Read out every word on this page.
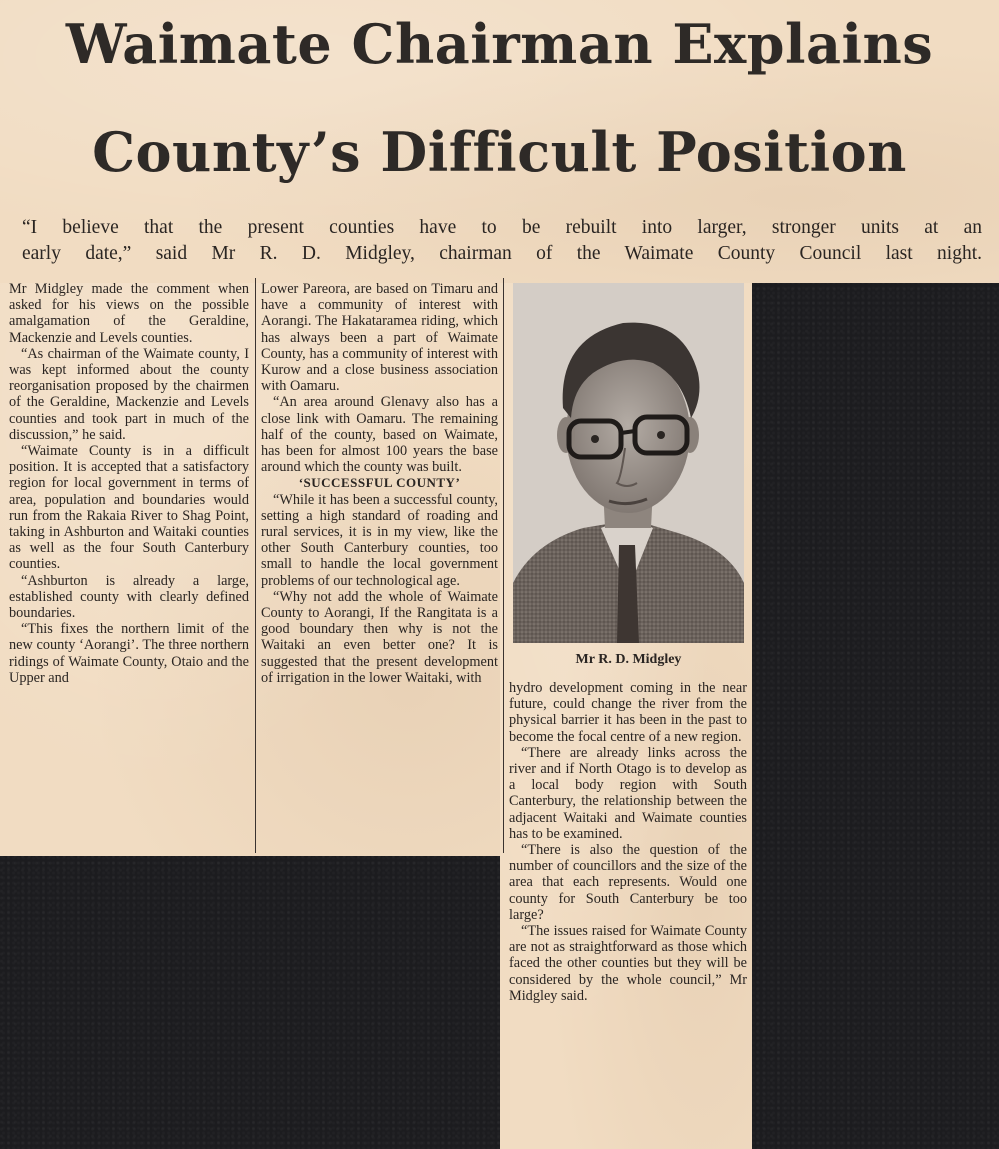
Waimate Chairman Explains
County’s Difficult Position
“I believe that the present counties have to be rebuilt into larger, stronger units at an
early date,” said Mr R. D. Midgley, chairman of the Waimate County Council last night.

Mr Midgley made the comment when asked for his views on the possible amalgamation of the Geraldine, Mackenzie and Levels counties.

“As chairman of the Waimate county, I was kept informed about the county reorganisation proposed by the chairmen of the Geraldine, Mackenzie and Levels counties and took part in much of the discussion,” he said.

“Waimate County is in a difficult position. It is accepted that a satisfactory region for local government in terms of area, population and boundaries would run from the Rakaia River to Shag Point, taking in Ashburton and Waitaki counties as well as the four South Canterbury counties.

“Ashburton is already a large, established county with clearly defined boundaries.

“This fixes the northern limit of the new county ‘Aorangi’. The three northern ridings of Waimate County, Otaio and the Upper and

Lower Pareora, are based on Timaru and have a community of interest with Aorangi. The Hakataramea riding, which has always been a part of Waimate County, has a community of interest with Kurow and a close business association with Oamaru.

“An area around Glenavy also has a close link with Oamaru. The remaining half of the county, based on Waimate, has been for almost 100 years the base around which the county was built.

‘SUCCESSFUL COUNTY’

“While it has been a successful county, setting a high standard of roading and rural services, it is in my view, like the other South Canterbury counties, too small to handle the local government problems of our technological age.

“Why not add the whole of Waimate County to Aorangi, If the Rangitata is a good boundary then why is not the Waitaki an even better one? It is suggested that the present development of irrigation in the lower Waitaki, with

Mr R. D. Midgley

hydro development coming in the near future, could change the river from the physical barrier it has been in the past to become the focal centre of a new region.

“There are already links across the river and if North Otago is to develop as a local body region with South Canterbury, the relationship between the adjacent Waitaki and Waimate counties has to be examined.

“There is also the question of the number of councillors and the size of the area that each represents. Would one county for South Canterbury be too large?

“The issues raised for Waimate County are not as straightforward as those which faced the other counties but they will be considered by the whole council,” Mr Midgley said.
